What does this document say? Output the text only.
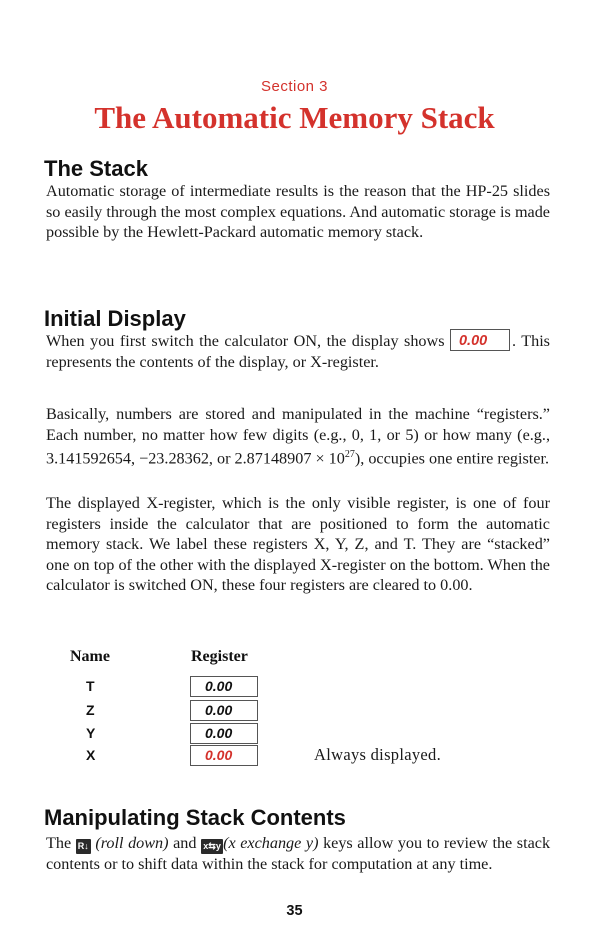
Section 3
The Automatic Memory Stack
The Stack

Automatic storage of intermediate results is the reason that the HP-25 slides so easily through the most complex equations. And automatic storage is made possible by the Hewlett-Packard automatic memory stack.

Initial Display

When you first switch the calculator ON, the display shows 0.00 . This represents the contents of the display, or X-register.

Basically, numbers are stored and manipulated in the machine “registers.” Each number, no matter how few digits (e.g., 0, 1, or 5) or how many (e.g., 3.141592654, −23.28362, or $2.87148907 \times 10^{27}$), occupies one entire register.

The displayed X-register, which is the only visible register, is one of four registers inside the calculator that are positioned to form the automatic memory stack. We label these registers X, Y, Z, and T. They are “stacked” one on top of the other with the displayed X-register on the bottom. When the calculator is switched ON, these four registers are cleared to 0.00.

Name	Register
T	0.00
Z	0.00
Y	0.00
X	0.00	Always displayed.
Manipulating Stack Contents

The R↓ (roll down) and x⇆y (x exchange y) keys allow you to review the stack contents or to shift data within the stack for computation at any time.

35
